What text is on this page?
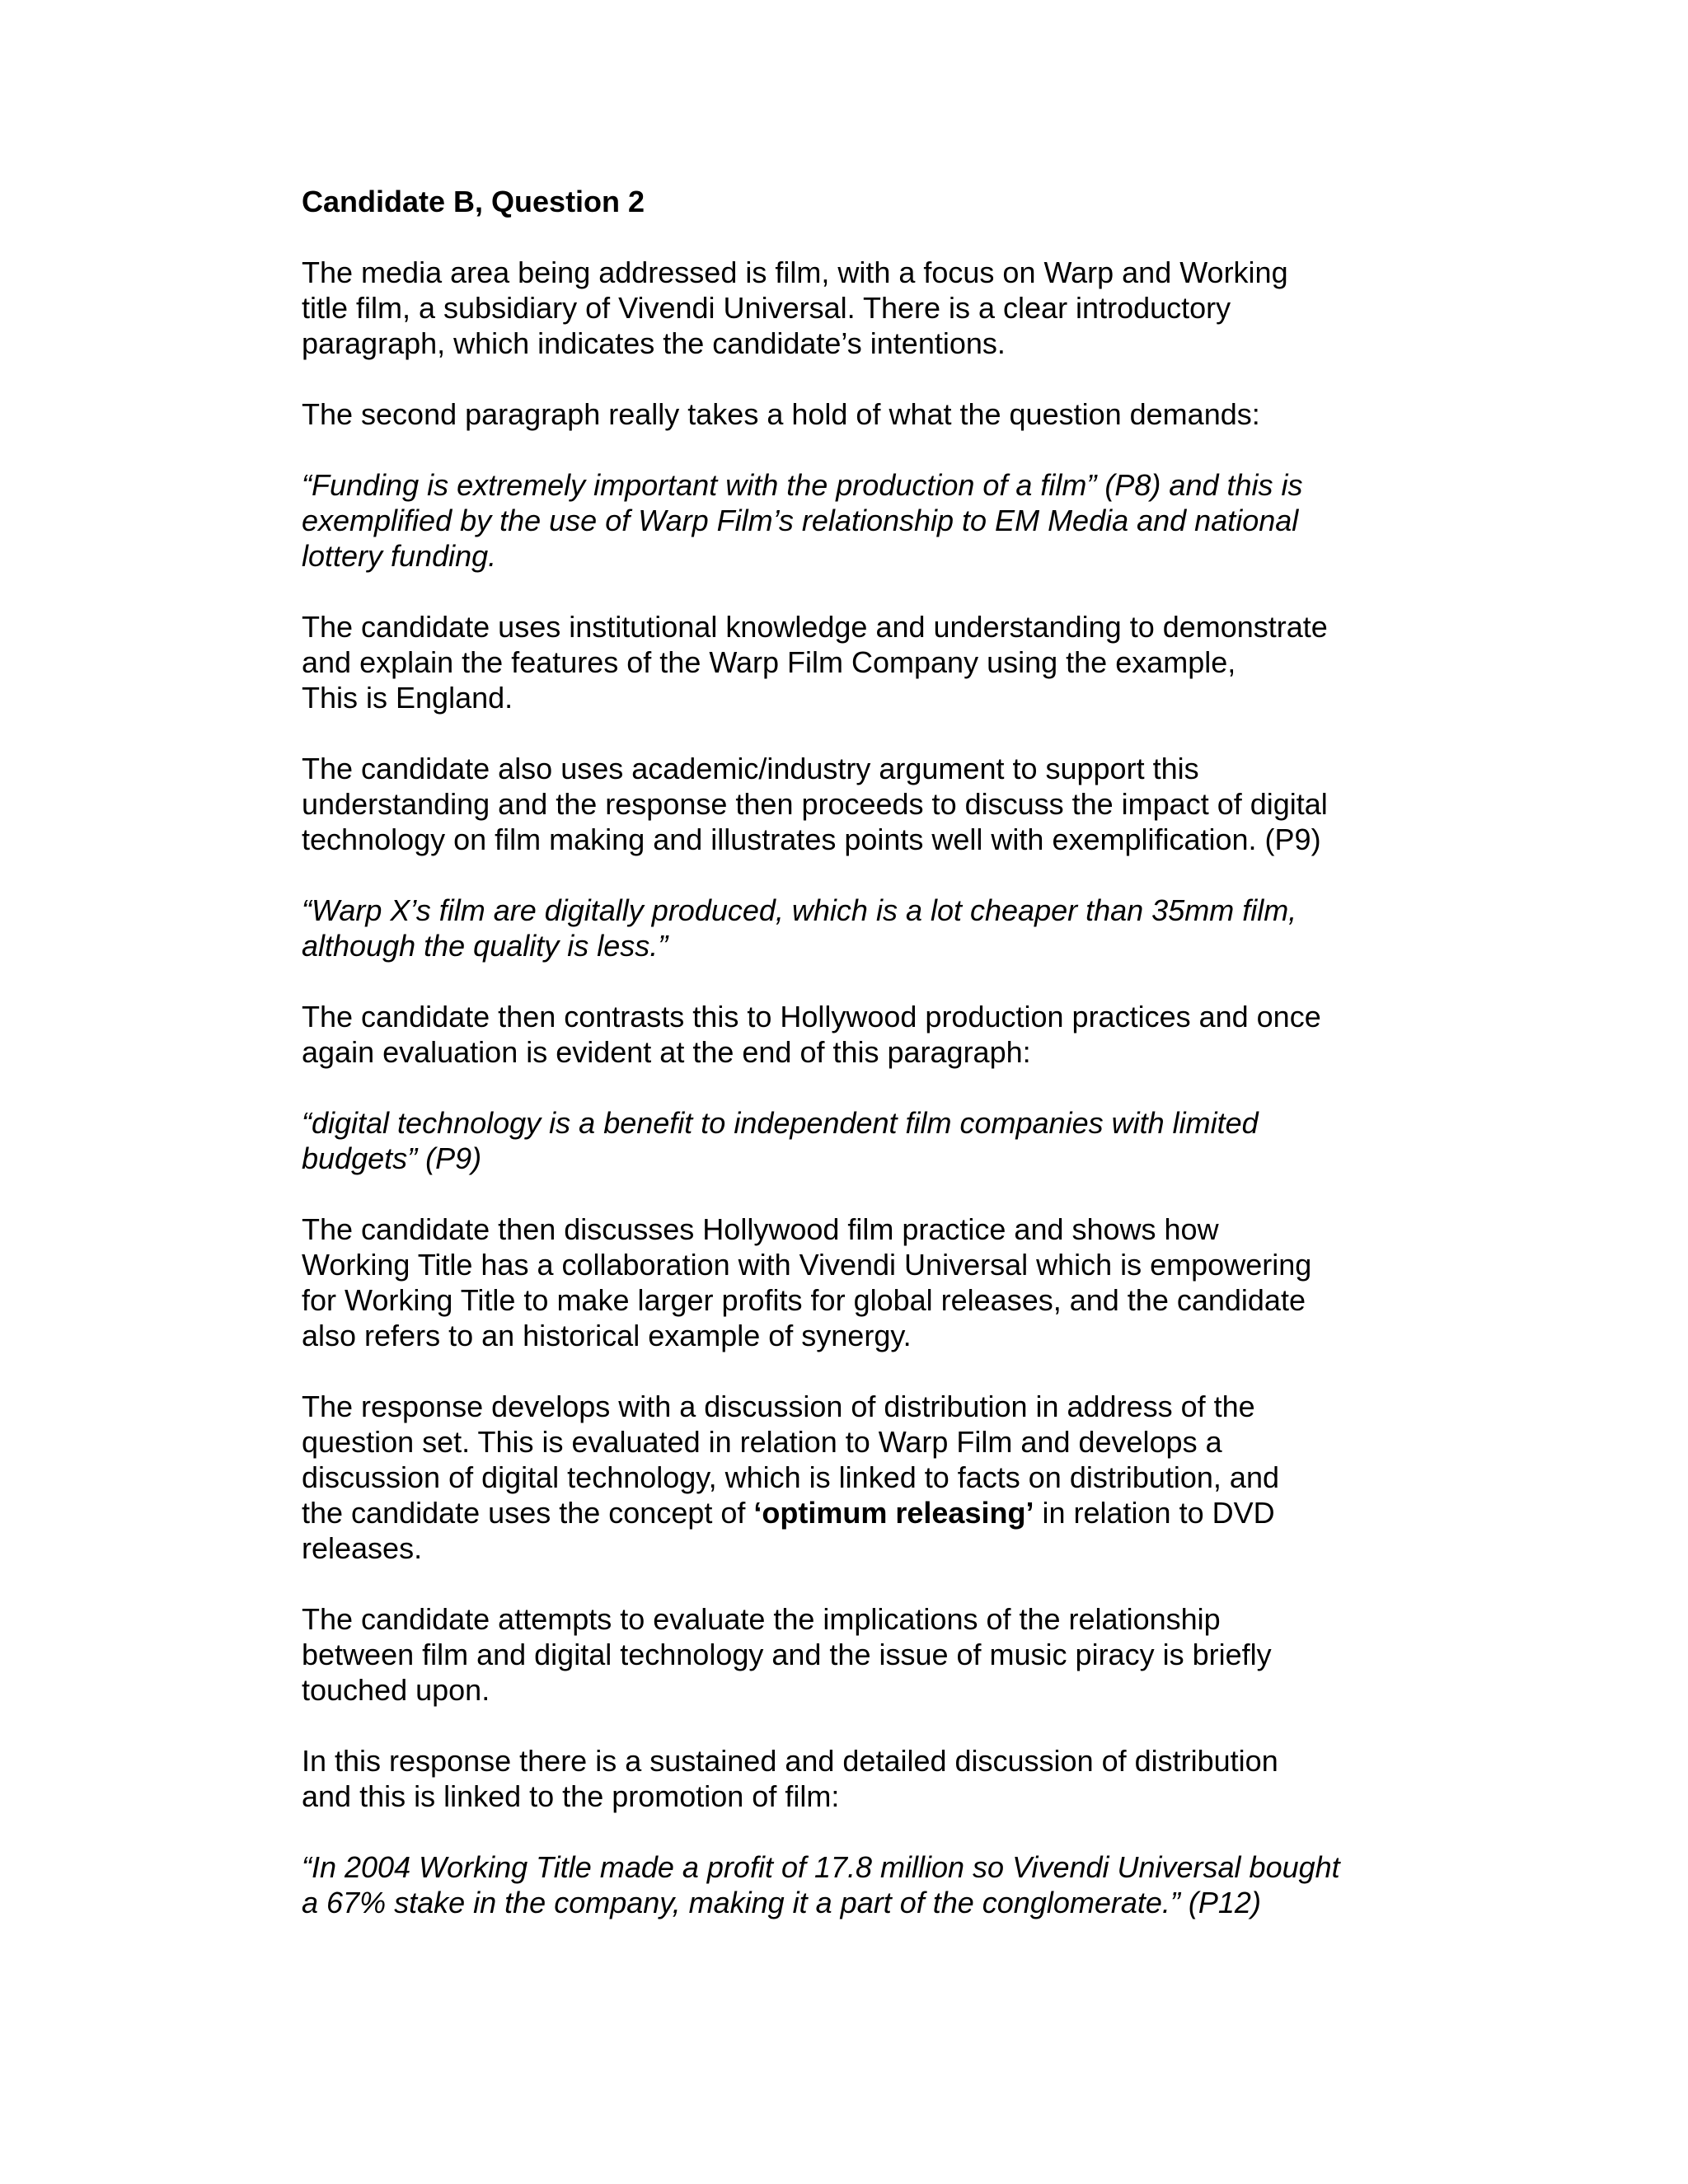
Candidate B, Question 2
The media area being addressed is film, with a focus on Warp and Working
title film, a subsidiary of Vivendi Universal. There is a clear introductory
paragraph, which indicates the candidate’s intentions.
The second paragraph really takes a hold of what the question demands:
“Funding is extremely important with the production of a film” (P8) and this is
exemplified by the use of Warp Film’s relationship to EM Media and national
lottery funding.
The candidate uses institutional knowledge and understanding to demonstrate
and explain the features of the Warp Film Company using the example,
This is England.
The candidate also uses academic/industry argument to support this
understanding and the response then proceeds to discuss the impact of digital
technology on film making and illustrates points well with exemplification. (P9)
“Warp X’s film are digitally produced, which is a lot cheaper than 35mm film,
although the quality is less.”
The candidate then contrasts this to Hollywood production practices and once
again evaluation is evident at the end of this paragraph:
“digital technology is a benefit to independent film companies with limited
budgets” (P9)
The candidate then discusses Hollywood film practice and shows how
Working Title has a collaboration with Vivendi Universal which is empowering
for Working Title to make larger profits for global releases, and the candidate
also refers to an historical example of synergy.
The response develops with a discussion of distribution in address of the
question set. This is evaluated in relation to Warp Film and develops a
discussion of digital technology, which is linked to facts on distribution, and
the candidate uses the concept of ‘optimum releasing’ in relation to DVD
releases.
The candidate attempts to evaluate the implications of the relationship
between film and digital technology and the issue of music piracy is briefly
touched upon.
In this response there is a sustained and detailed discussion of distribution
and this is linked to the promotion of film:
“In 2004 Working Title made a profit of 17.8 million so Vivendi Universal bought
a 67% stake in the company, making it a part of the conglomerate.” (P12)
